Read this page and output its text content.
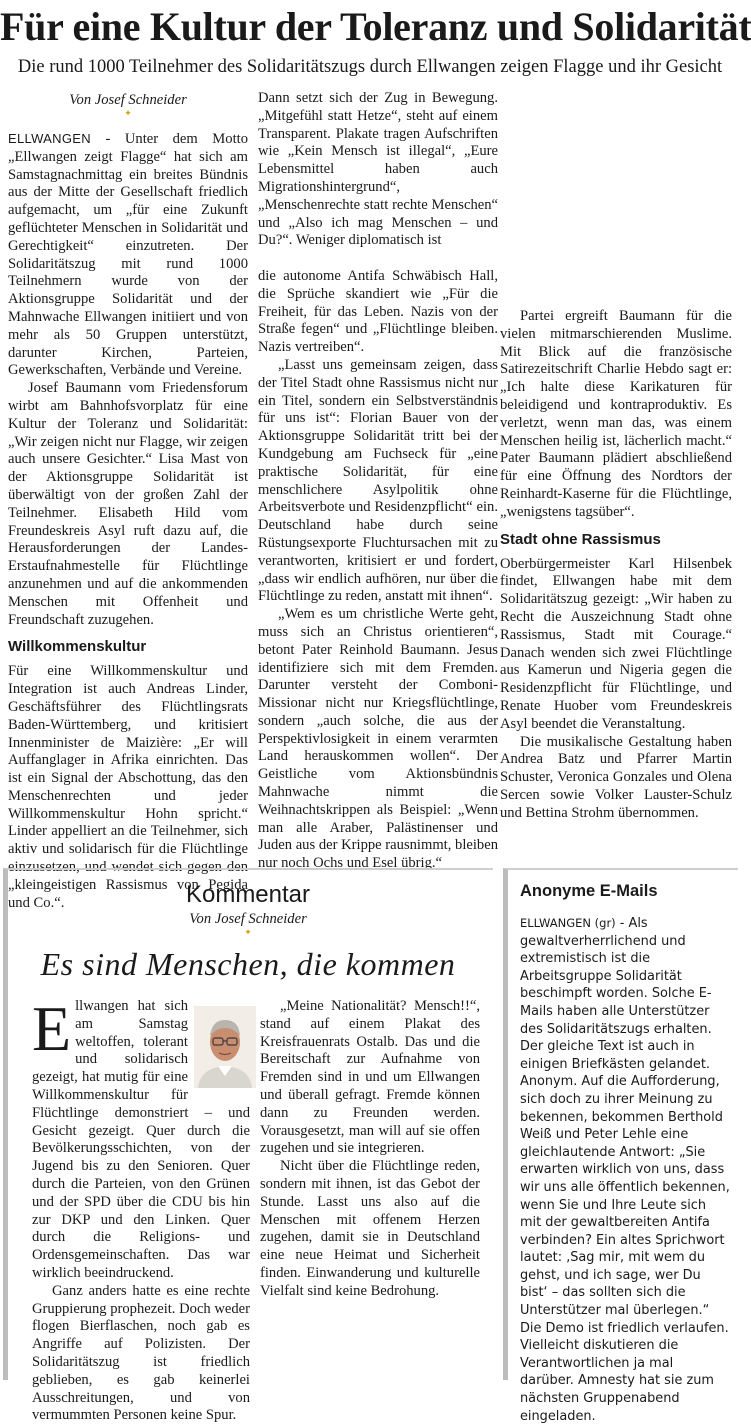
Für eine Kultur der Toleranz und Solidarität
Die rund 1000 Teilnehmer des Solidaritätszugs durch Ellwangen zeigen Flagge und ihr Gesicht
Von Josef Schneider
✦

ELLWANGEN - Unter dem Motto „Ellwangen zeigt Flagge“ hat sich am Samstagnachmittag ein breites Bündnis aus der Mitte der Gesellschaft friedlich aufgemacht, um „für eine Zukunft geflüchteter Menschen in Solidarität und Gerechtigkeit“ einzutreten. Der Solidaritätszug mit rund 1000 Teilnehmern wurde von der Aktionsgruppe Solidarität und der Mahnwache Ellwangen initiiert und von mehr als 50 Gruppen unterstützt, darunter Kirchen, Parteien, Gewerkschaften, Verbände und Vereine.

Josef Baumann vom Friedensforum wirbt am Bahnhofsvorplatz für eine Kultur der Toleranz und Solidarität: „Wir zeigen nicht nur Flagge, wir zeigen auch unsere Gesichter.“ Lisa Mast von der Aktionsgruppe Solidarität ist überwältigt von der großen Zahl der Teilnehmer. Elisabeth Hild vom Freundeskreis Asyl ruft dazu auf, die Herausforderungen der Landes-Erstaufnahmestelle für Flüchtlinge anzunehmen und auf die ankommenden Menschen mit Offenheit und Freundschaft zuzugehen.

Willkommenskultur

Für eine Willkommenskultur und Integration ist auch Andreas Linder, Geschäftsführer des Flüchtlingsrats Baden-Württemberg, und kritisiert Innenminister de Maizière: „Er will Auffanglager in Afrika einrichten. Das ist ein Signal der Abschottung, das den Menschenrechten und jeder Willkommenskultur Hohn spricht.“ Linder appelliert an die Teilnehmer, sich aktiv und solidarisch für die Flüchtlinge einzusetzen, und wendet sich gegen den „kleingeistigen Rassismus von Pegida und Co.“.

Dann setzt sich der Zug in Bewegung. „Mitgefühl statt Hetze“, steht auf einem Transparent. Plakate tragen Aufschriften wie „Kein Mensch ist illegal“, „Eure Lebensmittel haben auch Migrationshintergrund“, „Menschenrechte statt rechte Menschen“ und „Also ich mag Menschen – und Du?“. Weniger diplomatisch ist

die autonome Antifa Schwäbisch Hall, die Sprüche skandiert wie „Für die Freiheit, für das Leben. Nazis von der Straße fegen“ und „Flüchtlinge bleiben. Nazis vertreiben“.

„Lasst uns gemeinsam zeigen, dass der Titel Stadt ohne Rassismus nicht nur ein Titel, sondern ein Selbstverständnis für uns ist“: Florian Bauer von der Aktionsgruppe Solidarität tritt bei der Kundgebung am Fuchseck für „eine praktische Solidarität, für eine menschlichere Asylpolitik ohne Arbeitsverbote und Residenzpflicht“ ein. Deutschland habe durch seine Rüstungsexporte Fluchtursachen mit zu verantworten, kritisiert er und fordert, „dass wir endlich aufhören, nur über die Flüchtlinge zu reden, anstatt mit ihnen“.

„Wem es um christliche Werte geht, muss sich an Christus orientieren“, betont Pater Reinhold Baumann. Jesus identifiziere sich mit dem Fremden. Darunter versteht der Comboni-Missionar nicht nur Kriegsflüchtlinge, sondern „auch solche, die aus der Perspektivlosigkeit in einem verarmten Land herauskommen wollen“. Der Geistliche vom Aktionsbündnis Mahnwache nimmt die Weihnachtskrippen als Beispiel: „Wenn man alle Araber, Palästinenser und Juden aus der Krippe rausnimmt, bleiben nur noch Ochs und Esel übrig.“

Partei ergreift Baumann für die vielen mitmarschierenden Muslime. Mit Blick auf die französische Satirezeitschrift Charlie Hebdo sagt er: „Ich halte diese Karikaturen für beleidigend und kontraproduktiv. Es verletzt, wenn man das, was einem Menschen heilig ist, lächerlich macht.“ Pater Baumann plädiert abschließend für eine Öffnung des Nordtors der Reinhardt-Kaserne für die Flüchtlinge, „wenigstens tagsüber“.

Stadt ohne Rassismus

Oberbürgermeister Karl Hilsenbek findet, Ellwangen habe mit dem Solidaritätszug gezeigt: „Wir haben zu Recht die Auszeichnung Stadt ohne Rassismus, Stadt mit Courage.“ Danach wenden sich zwei Flüchtlinge aus Kamerun und Nigeria gegen die Residenzpflicht für Flüchtlinge, und Renate Huober vom Freundeskreis Asyl beendet die Veranstaltung.

Die musikalische Gestaltung haben Andrea Batz und Pfarrer Martin Schuster, Veronica Gonzales und Olena Sercen sowie Volker Lauster-Schulz und Bettina Strohm übernommen.

Kommentar
Von Josef Schneider
✦
Es sind Menschen, die kommen

Ellwangen hat sich am Samstag weltoffen, tolerant und solidarisch gezeigt, hat mutig für eine Willkommenskultur für Flüchtlinge demonstriert – und Gesicht gezeigt. Quer durch die Bevölkerungsschichten, von der Jugend bis zu den Senioren. Quer durch die Parteien, von den Grünen und der SPD über die CDU bis hin zur DKP und den Linken. Quer durch die Religions- und Ordensgemeinschaften. Das war wirklich beeindruckend.

Ganz anders hatte es eine rechte Gruppierung prophezeit. Doch weder flogen Bierflaschen, noch gab es Angriffe auf Polizisten. Der Solidaritätszug ist friedlich geblieben, es gab keinerlei Ausschreitungen, und von vermummten Personen keine Spur.

„Meine Nationalität? Mensch!!“, stand auf einem Plakat des Kreisfrauenrats Ostalb. Das und die Bereitschaft zur Aufnahme von Fremden sind in und um Ellwangen und überall gefragt. Fremde können dann zu Freunden werden. Vorausgesetzt, man will auf sie offen zugehen und sie integrieren.

Nicht über die Flüchtlinge reden, sondern mit ihnen, ist das Gebot der Stunde. Lasst uns also auf die Menschen mit offenem Herzen zugehen, damit sie in Deutschland eine neue Heimat und Sicherheit finden. Einwanderung und kulturelle Vielfalt sind keine Bedrohung.

Anonyme E-Mails
ELLWANGEN (gr) - Als gewaltverherrlichend und extremistisch ist die Arbeitsgruppe Solidarität beschimpft worden. Solche E-Mails haben alle Unterstützer des Solidaritätszugs erhalten. Der gleiche Text ist auch in einigen Briefkästen gelandet. Anonym. Auf die Aufforderung, sich doch zu ihrer Meinung zu bekennen, bekommen Berthold Weiß und Peter Lehle eine gleichlautende Antwort: „Sie erwarten wirklich von uns, dass wir uns alle öffentlich bekennen, wenn Sie und Ihre Leute sich mit der gewaltbereiten Antifa verbinden? Ein altes Sprichwort lautet: ‚Sag mir, mit wem du gehst, und ich sage, wer Du bist‘ – das sollten sich die Unterstützer mal überlegen.“ Die Demo ist friedlich verlaufen. Vielleicht diskutieren die Verantwortlichen ja mal darüber. Amnesty hat sie zum nächsten Gruppenabend eingeladen.
